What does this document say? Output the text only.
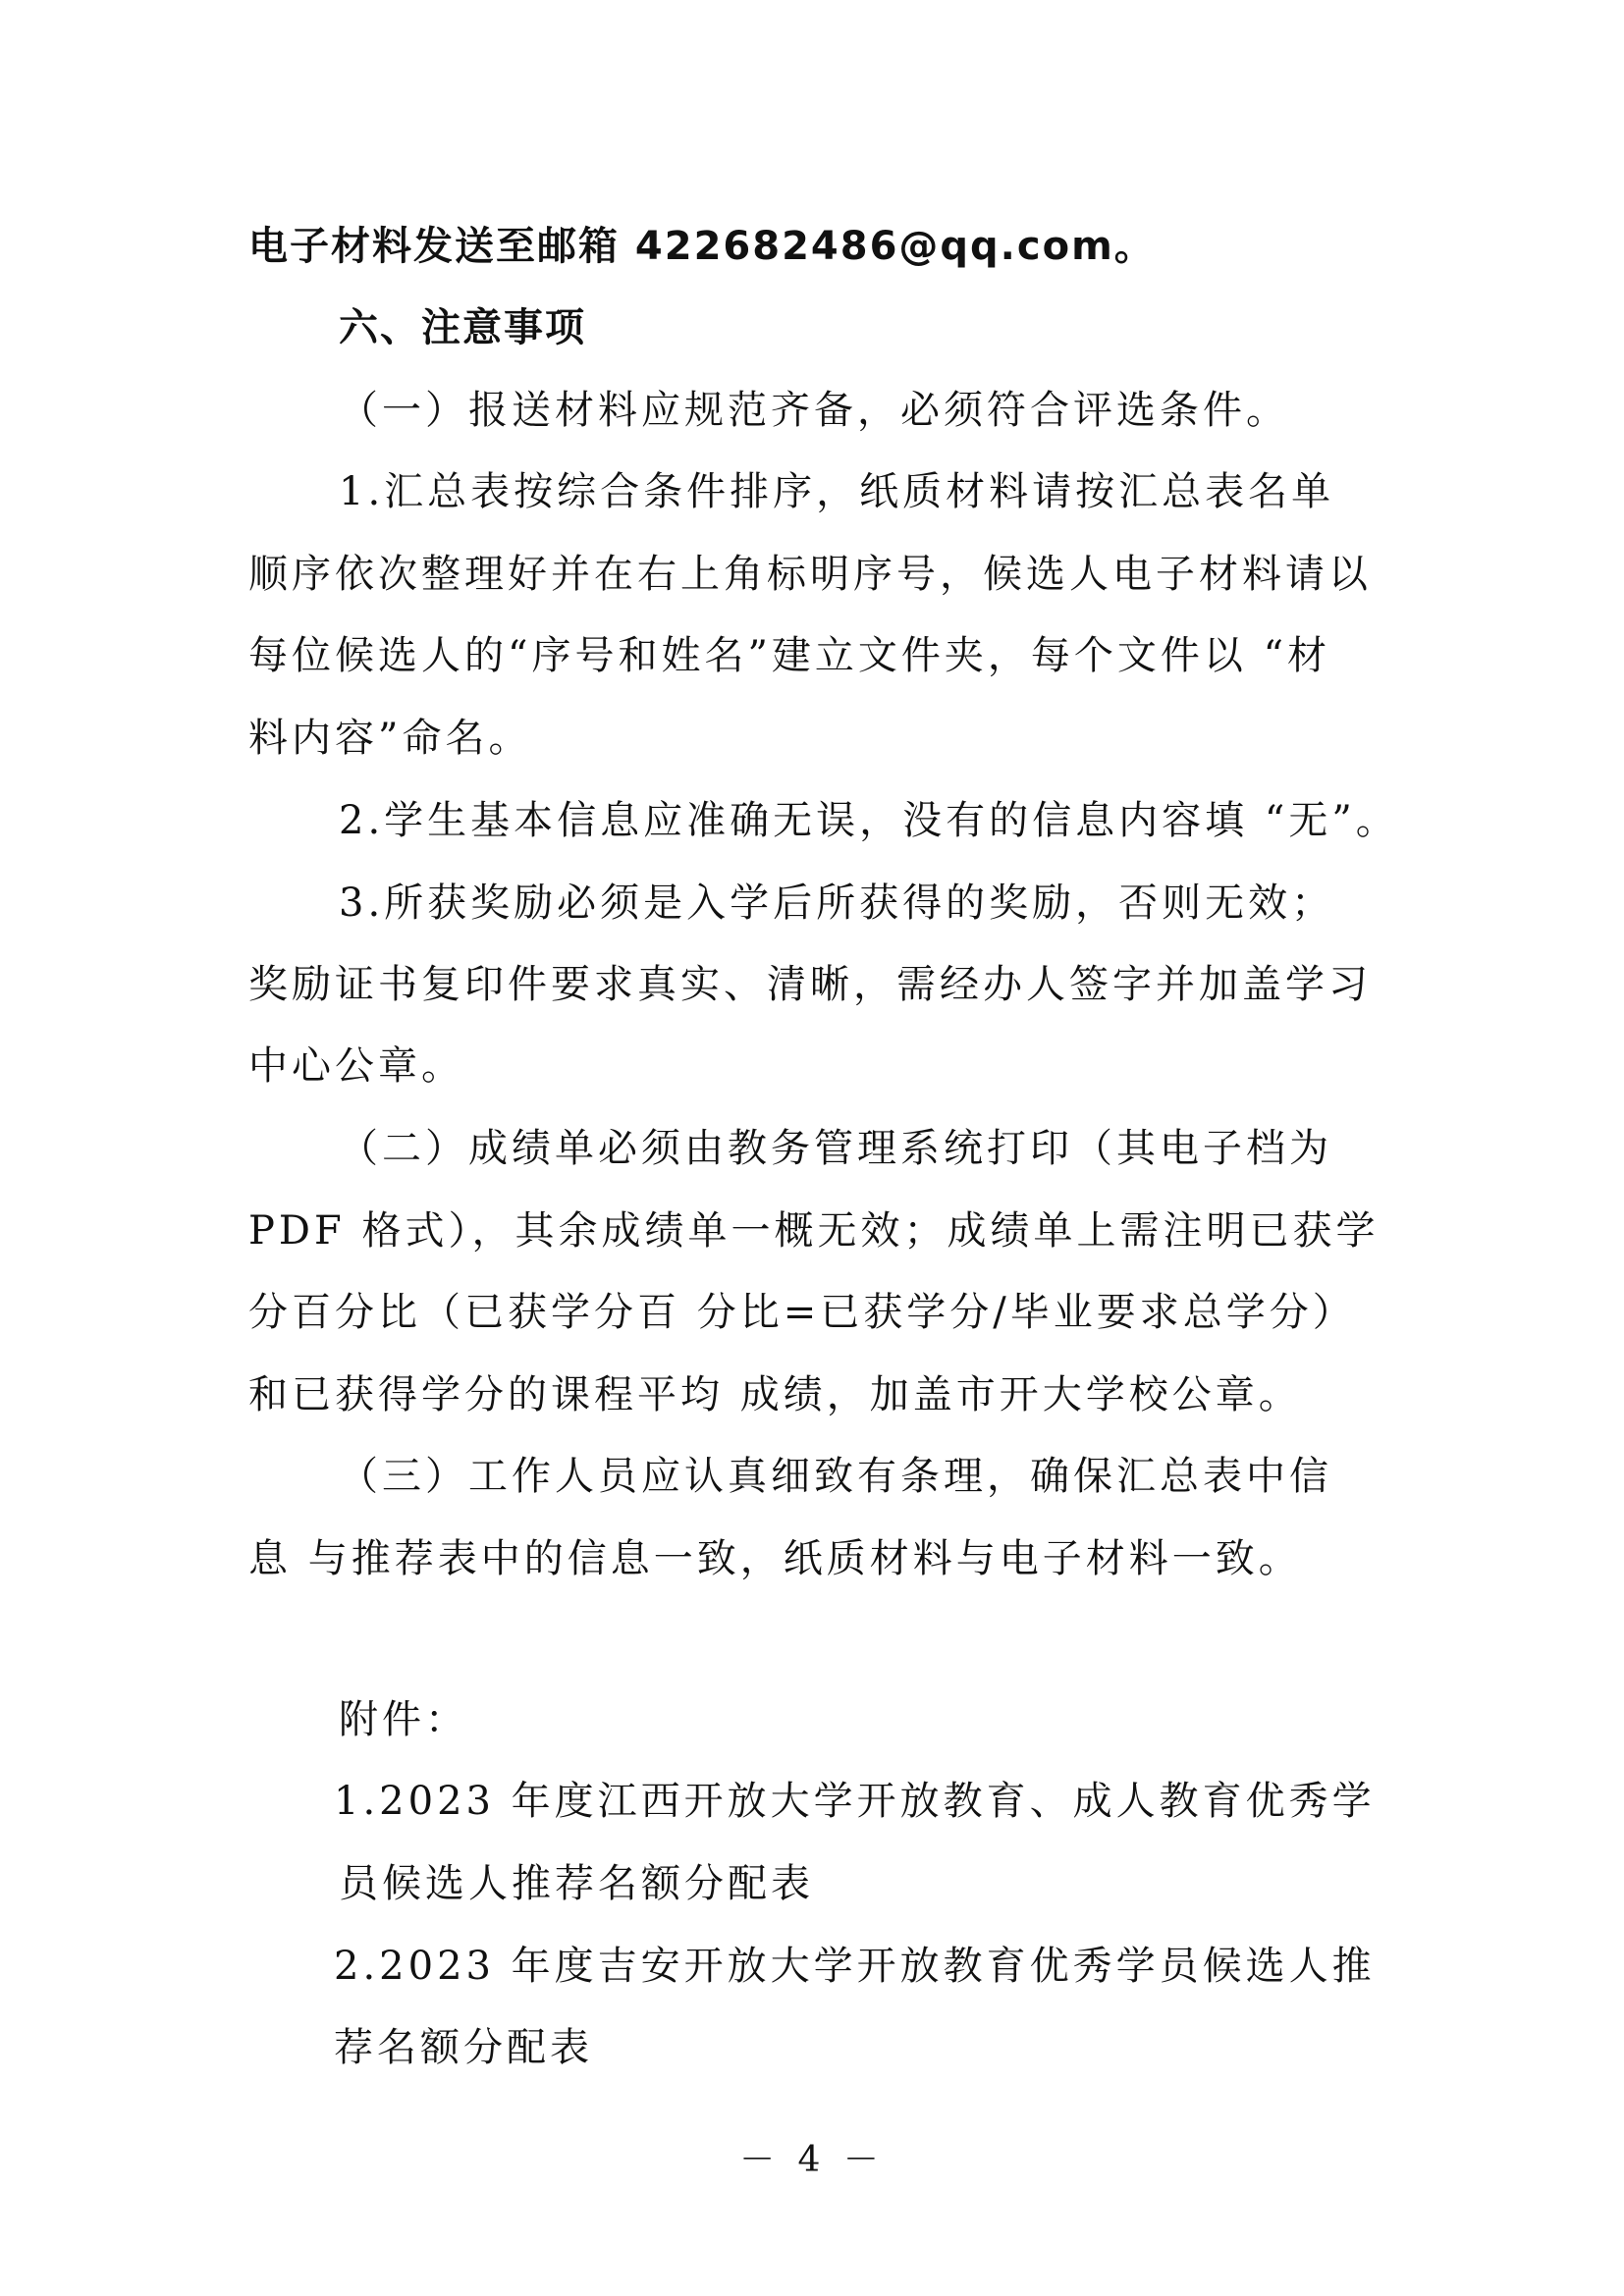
电子材料发送至邮箱 422682486@qq.com。
六、注意事项
（一）报送材料应规范齐备，必须符合评选条件。
1.汇总表按综合条件排序，纸质材料请按汇总表名单
顺序依次整理好并在右上角标明序号，候选人电子材料请以
每位候选人的“序号和姓名”建立文件夹，每个文件以 “材
料内容”命名。
2.学生基本信息应准确无误，没有的信息内容填 “无”。
3.所获奖励必须是入学后所获得的奖励，否则无效；
奖励证书复印件要求真实、清晰，需经办人签字并加盖学习
中心公章。
（二）成绩单必须由教务管理系统打印（其电子档为
PDF 格式），其余成绩单一概无效；成绩单上需注明已获学
分百分比（已获学分百 分比=已获学分/毕业要求总学分）
和已获得学分的课程平均 成绩，加盖市开大学校公章。
（三）工作人员应认真细致有条理，确保汇总表中信
息 与推荐表中的信息一致，纸质材料与电子材料一致。
附件：
1.2023 年度江西开放大学开放教育、成人教育优秀学
员候选人推荐名额分配表
2.2023 年度吉安开放大学开放教育优秀学员候选人推
荐名额分配表
－ 4 －
